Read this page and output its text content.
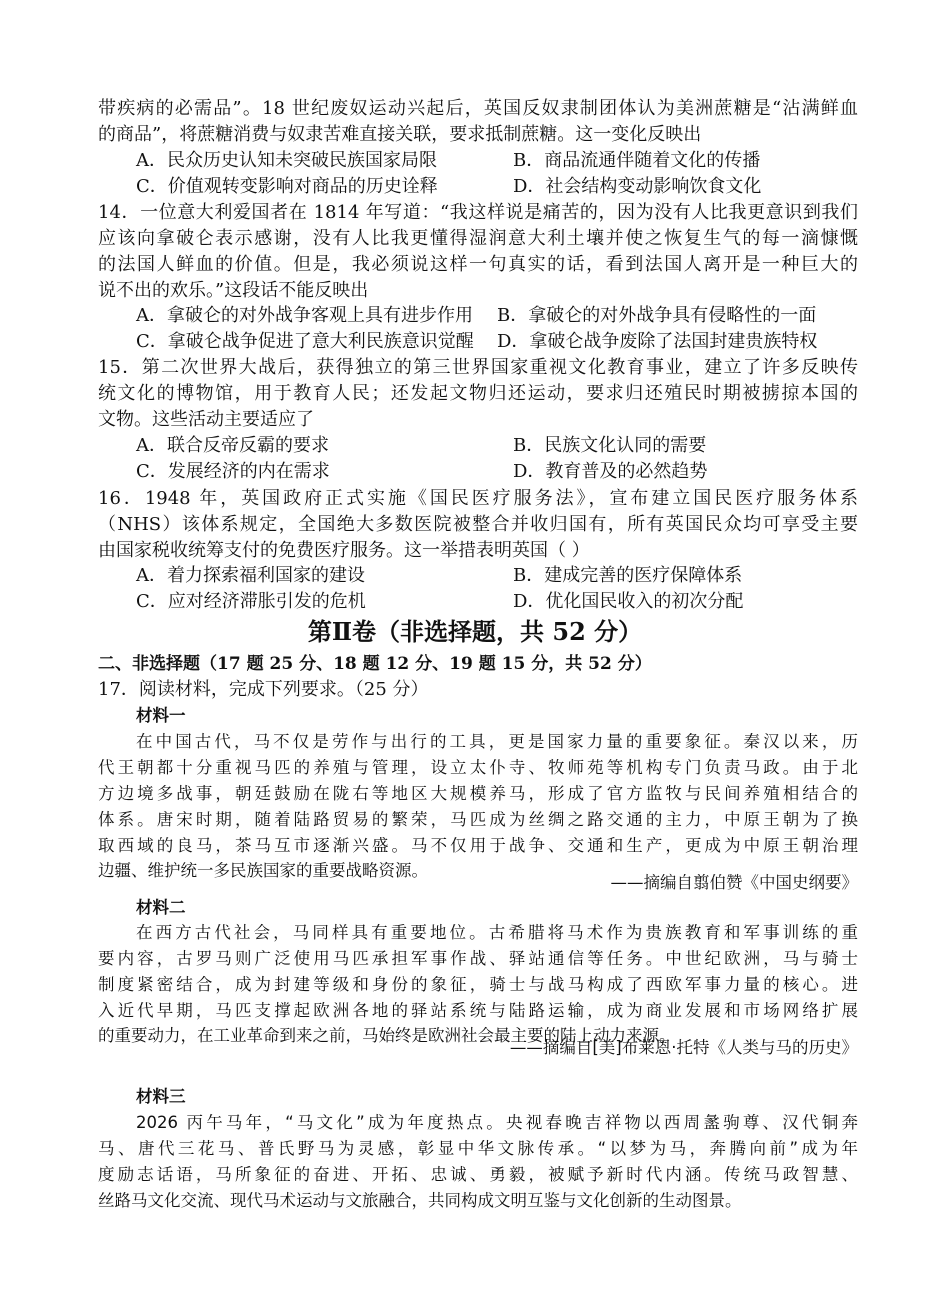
带疾病的必需品”。18 世纪废奴运动兴起后，英国反奴隶制团体认为美洲蔗糖是“沾满鲜血
的商品”，将蔗糖消费与奴隶苦难直接关联，要求抵制蔗糖。这一变化反映出
A．民众历史认知未突破民族国家局限	B．商品流通伴随着文化的传播
C．价值观转变影响对商品的历史诠释	D．社会结构变动影响饮食文化
14．一位意大利爱国者在 1814 年写道：“我这样说是痛苦的，因为没有人比我更意识到我们
应该向拿破仑表示感谢，没有人比我更懂得湿润意大利土壤并使之恢复生气的每一滴慷慨
的法国人鲜血的价值。但是，我必须说这样一句真实的话，看到法国人离开是一种巨大的
说不出的欢乐。”这段话不能反映出
A．拿破仑的对外战争客观上具有进步作用 B．拿破仑的对外战争具有侵略性的一面
C．拿破仑战争促进了意大利民族意识觉醒 D．拿破仑战争废除了法国封建贵族特权
15．第二次世界大战后，获得独立的第三世界国家重视文化教育事业，建立了许多反映传
统文化的博物馆，用于教育人民；还发起文物归还运动，要求归还殖民时期被掳掠本国的
文物。这些活动主要适应了
A．联合反帝反霸的要求	B．民族文化认同的需要
C．发展经济的内在需求	D．教育普及的必然趋势
16．1948 年，英国政府正式实施《国民医疗服务法》，宣布建立国民医疗服务体系
（NHS）该体系规定，全国绝大多数医院被整合并收归国有，所有英国民众均可享受主要
由国家税收统筹支付的免费医疗服务。这一举措表明英国（ ）
A．着力探索福利国家的建设	B．建成完善的医疗保障体系
C．应对经济滞胀引发的危机	D．优化国民收入的初次分配
第Ⅱ卷（非选择题，共 52 分）
二、非选择题（17 题 25 分、18 题 12 分、19 题 15 分，共 52 分）
17．阅读材料，完成下列要求。（25 分）
材料一
在中国古代，马不仅是劳作与出行的工具，更是国家力量的重要象征。秦汉以来，历
代王朝都十分重视马匹的养殖与管理，设立太仆寺、牧师苑等机构专门负责马政。由于北
方边境多战事，朝廷鼓励在陇右等地区大规模养马，形成了官方监牧与民间养殖相结合的
体系。唐宋时期，随着陆路贸易的繁荣，马匹成为丝绸之路交通的主力，中原王朝为了换
取西域的良马，茶马互市逐渐兴盛。马不仅用于战争、交通和生产，更成为中原王朝治理
边疆、维护统一多民族国家的重要战略资源。
——摘编自翦伯赞《中国史纲要》
材料二
在西方古代社会，马同样具有重要地位。古希腊将马术作为贵族教育和军事训练的重
要内容，古罗马则广泛使用马匹承担军事作战、驿站通信等任务。中世纪欧洲，马与骑士
制度紧密结合，成为封建等级和身份的象征，骑士与战马构成了西欧军事力量的核心。进
入近代早期，马匹支撑起欧洲各地的驿站系统与陆路运输，成为商业发展和市场网络扩展
的重要动力，在工业革命到来之前，马始终是欧洲社会最主要的陆上动力来源。
——摘编自[美]布莱恩·托特《人类与马的历史》
材料三
2026 丙午马年，“马文化”成为年度热点。央视春晚吉祥物以西周盠驹尊、汉代铜奔
马、唐代三花马、普氏野马为灵感，彰显中华文脉传承。“以梦为马，奔腾向前”成为年
度励志话语，马所象征的奋进、开拓、忠诚、勇毅，被赋予新时代内涵。传统马政智慧、
丝路马文化交流、现代马术运动与文旅融合，共同构成文明互鉴与文化创新的生动图景。
